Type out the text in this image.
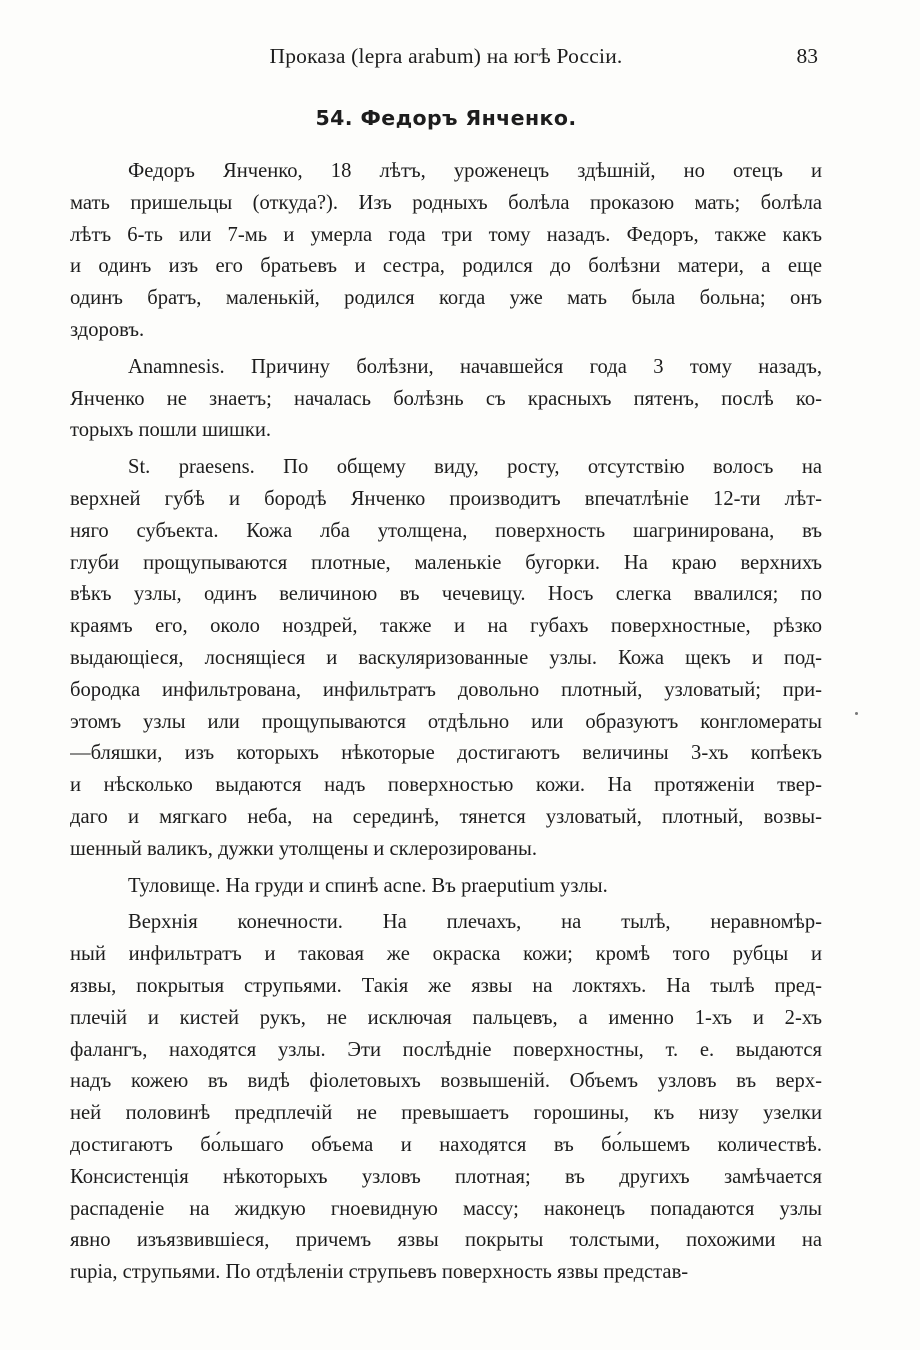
Проказа (lepra arabum) на югѣ Россіи.	83
54. Федоръ Янченко.
Федоръ Янченко, 18 лѣтъ, уроженецъ здѣшній, но отецъ и
мать пришельцы (откуда?). Изъ родныхъ болѣла проказою мать; болѣла
лѣтъ 6-ть или 7-мь и умерла года три тому назадъ. Федоръ, также какъ
и одинъ изъ его братьевъ и сестра, родился до болѣзни матери, а еще
одинъ братъ, маленькій, родился когда уже мать была больна; онъ
здоровъ.
Anamnesis. Причину болѣзни, начавшейся года 3 тому назадъ,
Янченко не знаетъ; началась болѣзнь съ красныхъ пятенъ, послѣ ко-
торыхъ пошли шишки.
St. praesens. По общему виду, росту, отсутствію волосъ на
верхней губѣ и бородѣ Янченко производитъ впечатлѣніе 12-ти лѣт-
няго субъекта. Кожа лба утолщена, поверхность шагринирована, въ
глуби прощупываются плотные, маленькіе бугорки. На краю верхнихъ
вѣкъ узлы, одинъ величиною въ чечевицу. Носъ слегка ввалился; по
краямъ его, около ноздрей, также и на губахъ поверхностные, рѣзко
выдающіеся, лоснящіеся и васкуляризованные узлы. Кожа щекъ и под-
бородка инфильтрована, инфильтратъ довольно плотный, узловатый; при-
этомъ узлы или прощупываются отдѣльно или образуютъ конгломераты
—бляшки, изъ которыхъ нѣкоторые достигаютъ величины 3-хъ копѣекъ
и нѣсколько выдаются надъ поверхностью кожи. На протяженіи твер-
даго и мягкаго неба, на серединѣ, тянется узловатый, плотный, возвы-
шенный валикъ, дужки утолщены и склерозированы.
Туловище. На груди и спинѣ acne. Въ praeputium узлы.
Верхнія конечности. На плечахъ, на тылѣ, неравномѣр-
ный инфильтратъ и таковая же окраска кожи; кромѣ того рубцы и
язвы, покрытыя струпьями. Такія же язвы на локтяхъ. На тылѣ пред-
плечій и кистей рукъ, не исключая пальцевъ, а именно 1-хъ и 2-хъ
фалангъ, находятся узлы. Эти послѣдніе поверхностны, т. е. выдаются
надъ кожею въ видѣ фіолетовыхъ возвышеній. Объемъ узловъ въ верх-
ней половинѣ предплечій не превышаетъ горошины, къ низу узелки
достигаютъ бо́льшаго объема и находятся въ бо́льшемъ количествѣ.
Консистенція нѣкоторыхъ узловъ плотная; въ другихъ замѣчается
распаденіе на жидкую гноевидную массу; наконецъ попадаются узлы
явно изъязвившіеся, причемъ язвы покрыты толстыми, похожими на
rupia, струпьями. По отдѣленіи струпьевъ поверхность язвы представ-
